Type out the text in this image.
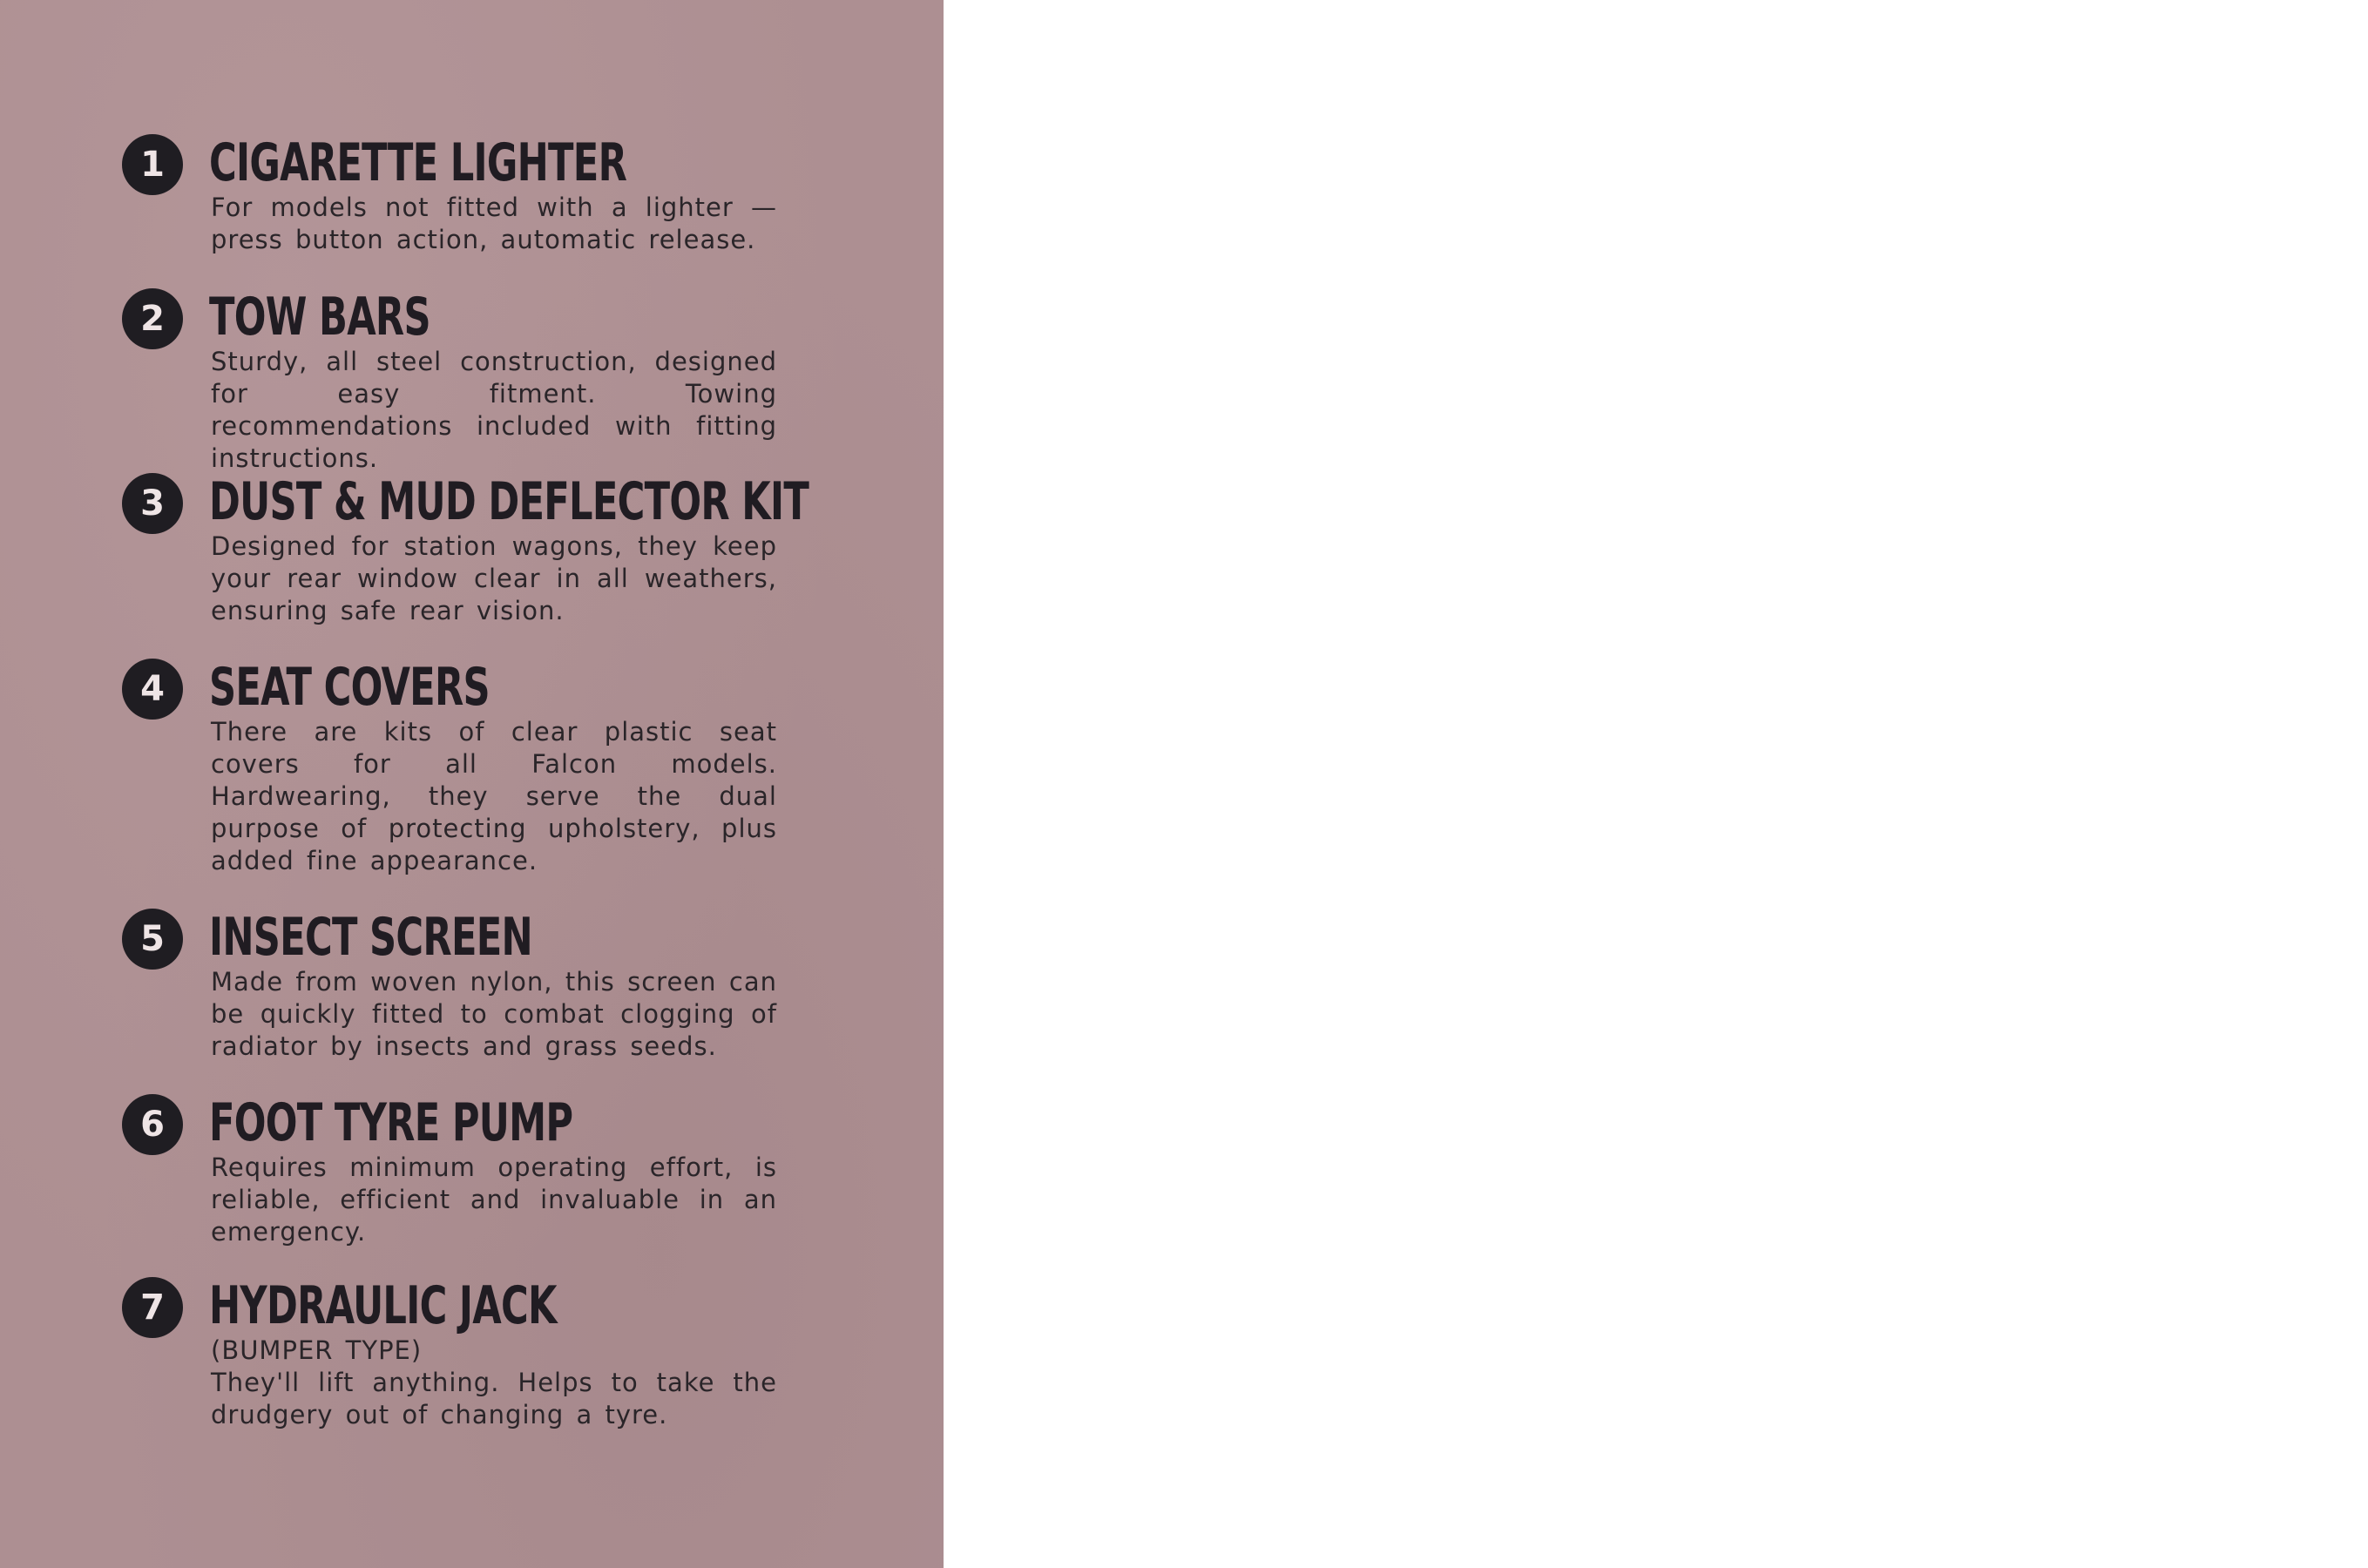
1 CIGARETTE LIGHTER

For models not fitted with a lighter — press button action, automatic release.

2 TOW BARS

Sturdy, all steel construction, designed for easy fitment. Towing recommendations included with fitting instructions.

3 DUST & MUD DEFLECTOR KIT

Designed for station wagons, they keep your rear window clear in all weathers, ensuring safe rear vision.

4 SEAT COVERS

There are kits of clear plastic seat covers for all Falcon models. Hardwearing, they serve the dual purpose of protecting upholstery, plus added fine appearance.

5 INSECT SCREEN

Made from woven nylon, this screen can be quickly fitted to combat clogging of radiator by insects and grass seeds.

6 FOOT TYRE PUMP

Requires minimum operating effort, is reliable, efficient and invaluable in an emergency.

7 HYDRAULIC JACK

(BUMPER TYPE)
They'll lift anything. Helps to take the drudgery out of changing a tyre.
